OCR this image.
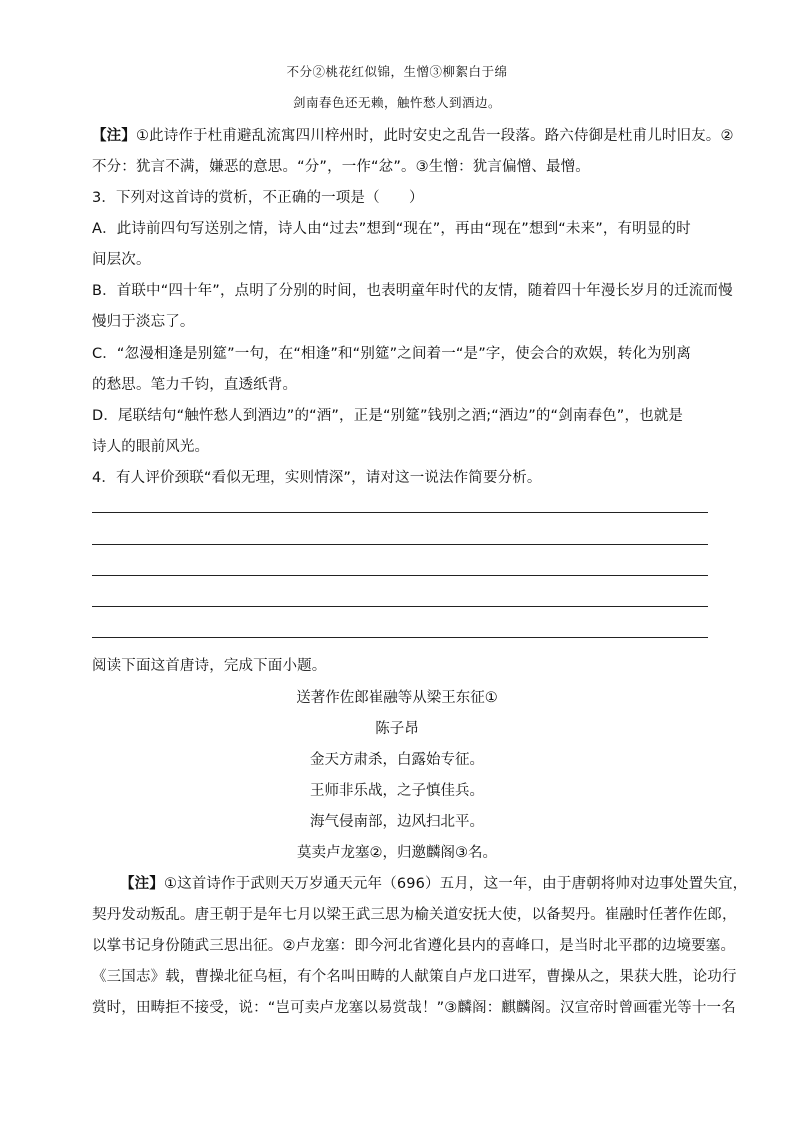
不分②桃花红似锦，生憎③柳絮白于绵
剑南春色还无赖，触忤愁人到酒边。
【注】①此诗作于杜甫避乱流寓四川梓州时，此时安史之乱告一段落。路六侍御是杜甫儿时旧友。②
不分：犹言不满，嫌恶的意思。“分”，一作“忿”。③生憎：犹言偏憎、最憎。
3．下列对这首诗的赏析，不正确的一项是（　　）
A．此诗前四句写送别之情，诗人由“过去”想到“现在”，再由“现在”想到“未来”，有明显的时
间层次。
B．首联中“四十年”，点明了分别的时间，也表明童年时代的友情，随着四十年漫长岁月的迁流而慢
慢归于淡忘了。
C．“忽漫相逢是别筵”一句，在“相逢”和“别筵”之间着一“是”字，使会合的欢娱，转化为别离
的愁思。笔力千钧，直透纸背。
D．尾联结句“触忤愁人到酒边”的“酒”，正是“别筵”钱别之酒;“酒边”的“剑南春色”，也就是
诗人的眼前风光。
4．有人评价颈联“看似无理，实则情深”，请对这一说法作简要分析。
阅读下面这首唐诗，完成下面小题。
送著作佐郎崔融等从梁王东征①
陈子昂
金天方肃杀，白露始专征。
王师非乐战，之子慎佳兵。
海气侵南部，边风扫北平。
莫卖卢龙塞②，归邀麟阁③名。
【注】①这首诗作于武则天万岁通天元年（696）五月，这一年，由于唐朝将帅对边事处置失宜，
契丹发动叛乱。唐王朝于是年七月以梁王武三思为榆关道安抚大使，以备契丹。崔融时任著作佐郎，
以掌书记身份随武三思出征。②卢龙塞：即今河北省遵化县内的喜峰口，是当时北平郡的边境要塞。
《三国志》载，曹操北征乌桓，有个名叫田畴的人献策自卢龙口进军，曹操从之，果获大胜，论功行
赏时，田畴拒不接受，说：“岂可卖卢龙塞以易赏哉！”③麟阁：麒麟阁。汉宣帝时曾画霍光等十一名
